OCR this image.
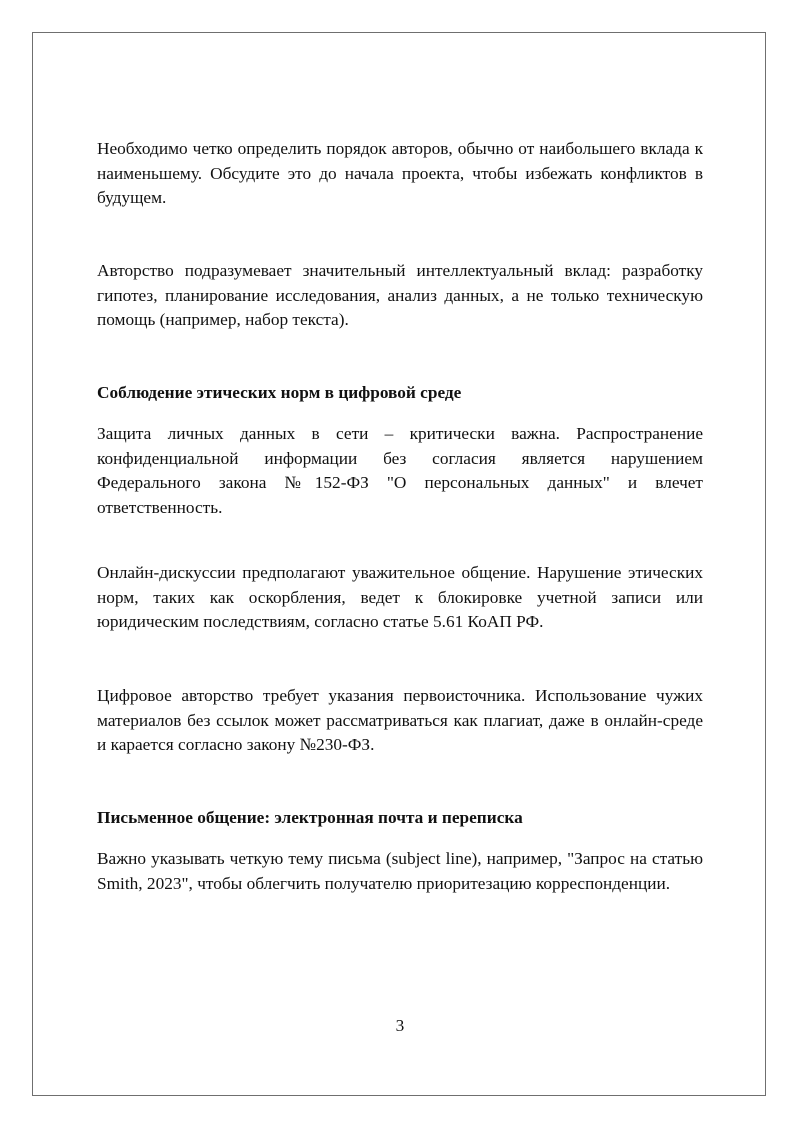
Необходимо четко определить порядок авторов, обычно от наибольшего вклада к наименьшему. Обсудите это до начала проекта, чтобы избежать конфликтов в будущем.

Авторство подразумевает значительный интеллектуальный вклад: разработку гипотез, планирование исследования, анализ данных, а не только техническую помощь (например, набор текста).

Соблюдение этических норм в цифровой среде

Защита личных данных в сети – критически важна. Распространение конфиденциальной информации без согласия является нарушением Федерального закона №152-ФЗ "О персональных данных" и влечет ответственность.

Онлайн-дискуссии предполагают уважительное общение. Нарушение этических норм, таких как оскорбления, ведет к блокировке учетной записи или юридическим последствиям, согласно статье 5.61 КоАП РФ.

Цифровое авторство требует указания первоисточника. Использование чужих материалов без ссылок может рассматриваться как плагиат, даже в онлайн-среде и карается согласно закону №230-ФЗ.

Письменное общение: электронная почта и переписка

Важно указывать четкую тему письма (subject line), например, "Запрос на статью Smith, 2023", чтобы облегчить получателю приоритезацию корреспонденции.

3
